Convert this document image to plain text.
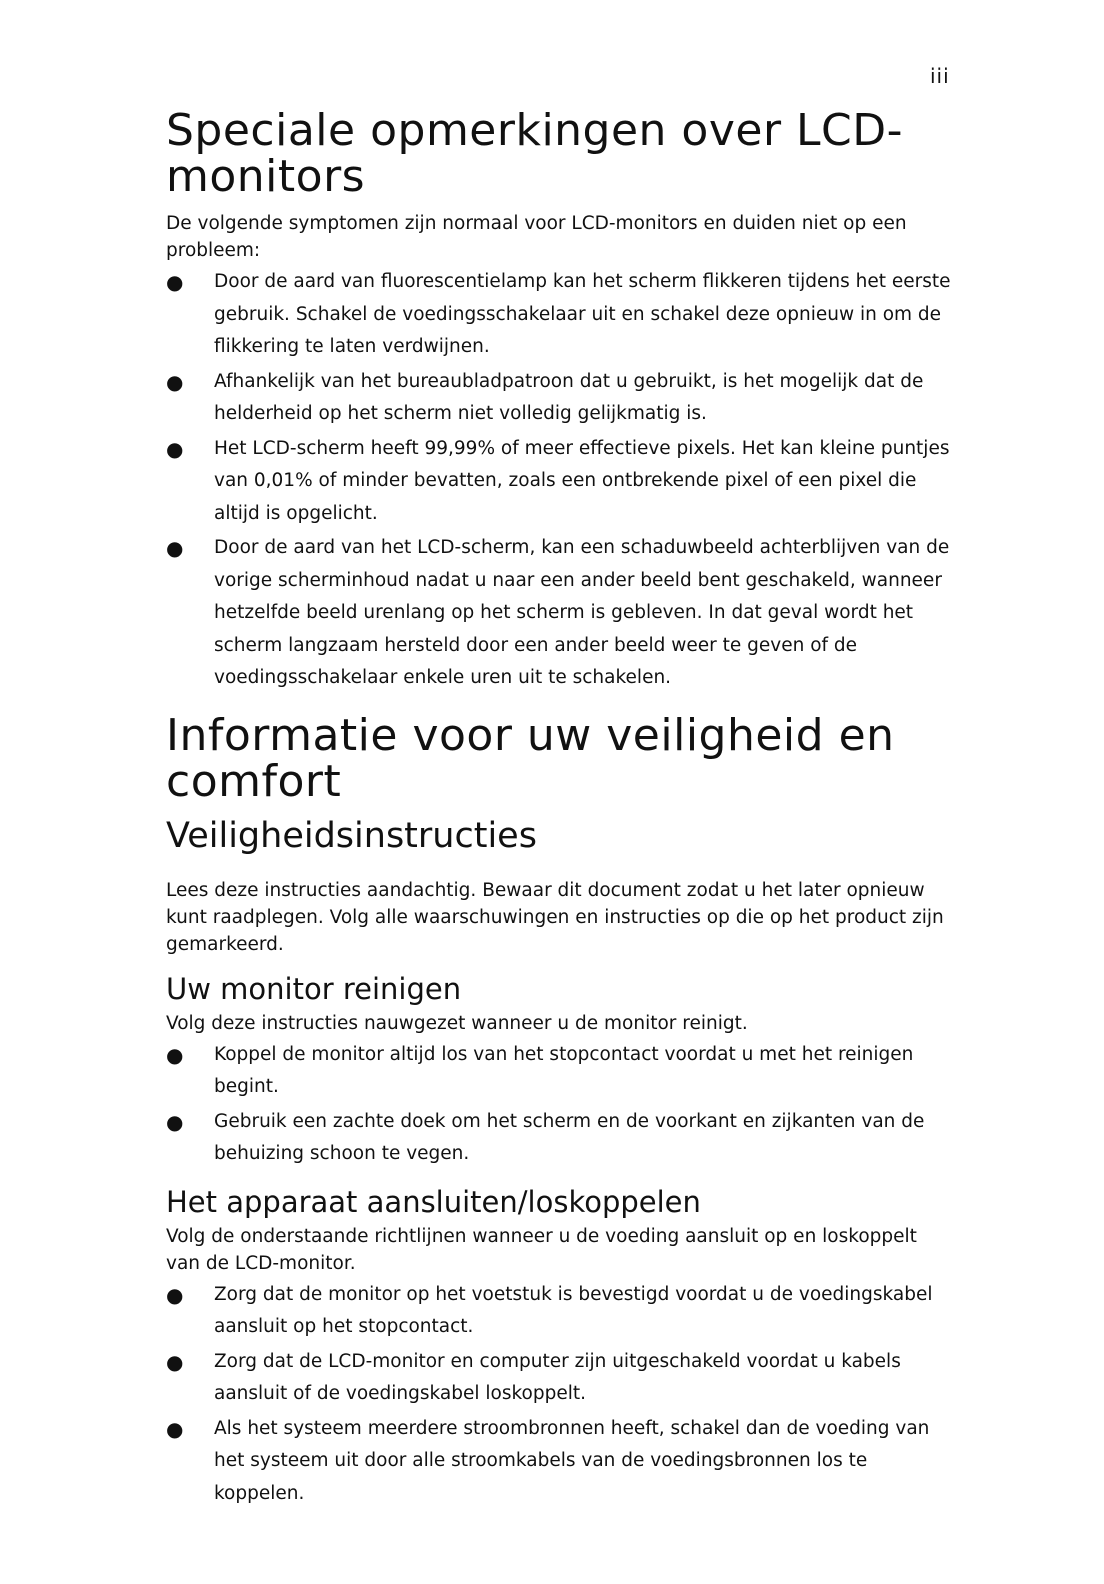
iii
Speciale opmerkingen over LCD-monitors

De volgende symptomen zijn normaal voor LCD-monitors en duiden niet op een probleem:

● Door de aard van fluorescentielamp kan het scherm flikkeren tijdens het eerste gebruik. Schakel de voedingsschakelaar uit en schakel deze opnieuw in om de flikkering te laten verdwijnen.
● Afhankelijk van het bureaubladpatroon dat u gebruikt, is het mogelijk dat de helderheid op het scherm niet volledig gelijkmatig is.
● Het LCD-scherm heeft 99,99% of meer effectieve pixels. Het kan kleine puntjes van 0,01% of minder bevatten, zoals een ontbrekende pixel of een pixel die altijd is opgelicht.
● Door de aard van het LCD-scherm, kan een schaduwbeeld achterblijven van de vorige scherminhoud nadat u naar een ander beeld bent geschakeld, wanneer hetzelfde beeld urenlang op het scherm is gebleven. In dat geval wordt het scherm langzaam hersteld door een ander beeld weer te geven of de voedingsschakelaar enkele uren uit te schakelen.
Informatie voor uw veiligheid en comfort
Veiligheidsinstructies

Lees deze instructies aandachtig. Bewaar dit document zodat u het later opnieuw kunt raadplegen. Volg alle waarschuwingen en instructies op die op het product zijn gemarkeerd.

Uw monitor reinigen

Volg deze instructies nauwgezet wanneer u de monitor reinigt.

● Koppel de monitor altijd los van het stopcontact voordat u met het reinigen begint.
● Gebruik een zachte doek om het scherm en de voorkant en zijkanten van de behuizing schoon te vegen.
Het apparaat aansluiten/loskoppelen

Volg de onderstaande richtlijnen wanneer u de voeding aansluit op en loskoppelt van de LCD-monitor.

● Zorg dat de monitor op het voetstuk is bevestigd voordat u de voedingskabel aansluit op het stopcontact.
● Zorg dat de LCD-monitor en computer zijn uitgeschakeld voordat u kabels aansluit of de voedingskabel loskoppelt.
● Als het systeem meerdere stroombronnen heeft, schakel dan de voeding van het systeem uit door alle stroomkabels van de voedingsbronnen los te koppelen.
